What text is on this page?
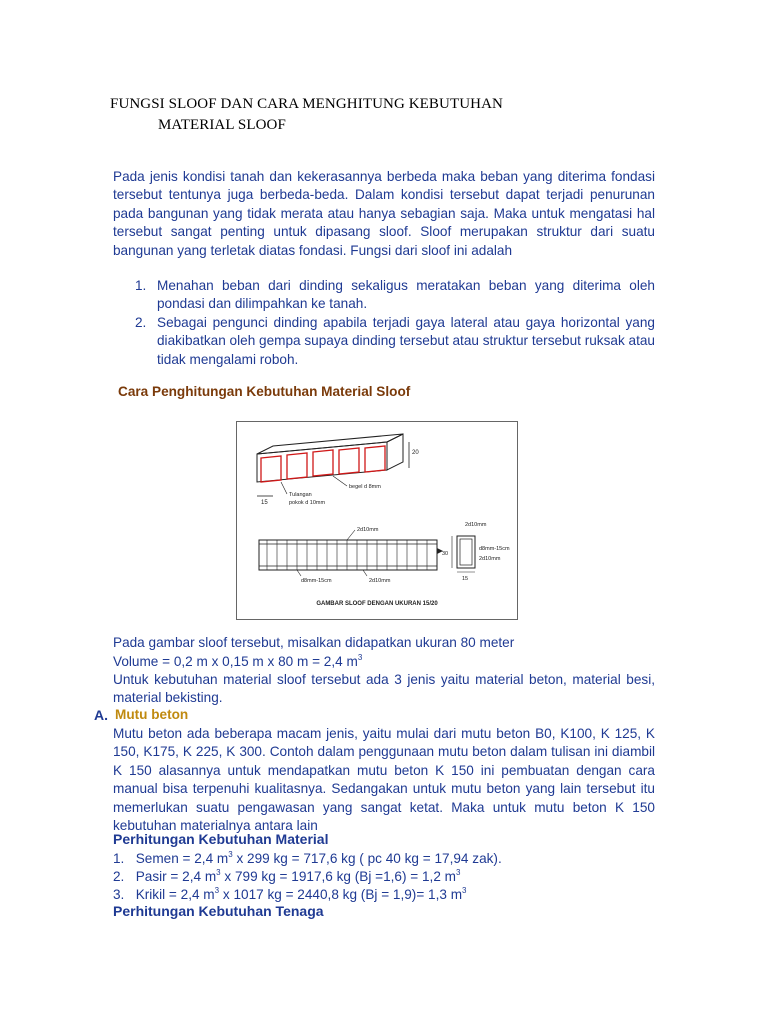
FUNGSI SLOOF DAN CARA MENGHITUNG KEBUTUHAN
MATERIAL SLOOF
Pada jenis kondisi tanah dan kekerasannya berbeda maka beban yang diterima fondasi tersebut tentunya juga berbeda-beda. Dalam kondisi tersebut dapat terjadi penurunan pada bangunan yang tidak merata atau hanya sebagian saja. Maka untuk mengatasi hal tersebut sangat penting untuk dipasang sloof. Sloof merupakan struktur dari suatu bangunan yang terletak diatas fondasi. Fungsi dari sloof ini adalah
1. Menahan beban dari dinding sekaligus meratakan beban yang diterima oleh pondasi dan dilimpahkan ke tanah.
2. Sebagai pengunci dinding apabila terjadi gaya lateral atau gaya horizontal yang diakibatkan oleh gempa supaya dinding tersebut atau struktur tersebut ruksak atau tidak mengalami roboh.
Cara Penghitungan Kebutuhan Material Sloof
15
20
Tulangan
pokok d 10mm
begel d 8mm
2d10mm
d8mm-15cm	2d10mm
30
2d10mm
d8mm-15cm
2d10mm
15
GAMBAR SLOOF DENGAN UKURAN 15/20
Pada gambar sloof tersebut, misalkan didapatkan ukuran 80 meter
Volume = 0,2 m x 0,15 m x 80 m = 2,4 $m^3$
Untuk kebutuhan material sloof tersebut ada 3 jenis yaitu material beton, material besi, material bekisting.
A. Mutu beton
Mutu beton ada beberapa macam jenis, yaitu mulai dari mutu beton B0, K100, K 125, K 150, K175, K 225, K 300. Contoh dalam penggunaan mutu beton dalam tulisan ini diambil K 150 alasannya untuk mendapatkan mutu beton K 150 ini pembuatan dengan cara manual bisa terpenuhi kualitasnya. Sedangakan untuk mutu beton yang lain tersebut itu memerlukan suatu pengawasan yang sangat ketat. Maka untuk mutu beton K 150 kebutuhan materialnya antara lain
Perhitungan Kebutuhan Material
1. Semen = 2,4 $m^3$ x 299 kg = 717,6 kg ( pc 40 kg = 17,94 zak).
2. Pasir = 2,4 $m^3$ x 799 kg = 1917,6 kg (Bj =1,6) = 1,2 $m^3$
3. Krikil = 2,4 $m^3$ x 1017 kg = 2440,8 kg (Bj = 1,9)= 1,3 $m^3$
Perhitungan Kebutuhan Tenaga
